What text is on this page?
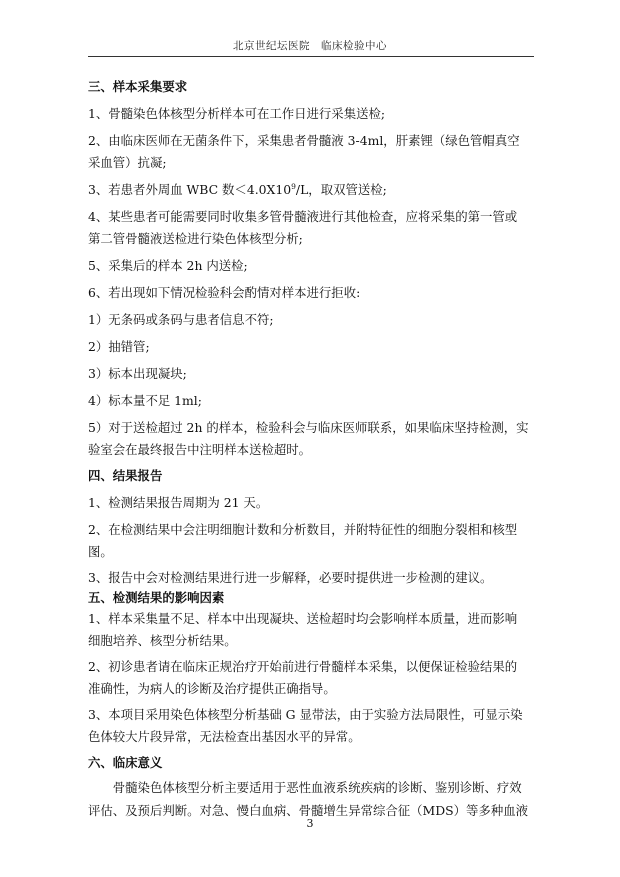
北京世纪坛医院　临床检验中心

三、样本采集要求

1、骨髓染色体核型分析样本可在工作日进行采集送检;

2、由临床医师在无菌条件下，采集患者骨髓液 3-4ml，肝素锂（绿色管帽真空

采血管）抗凝;

3、若患者外周血 WBC 数$<4.0X10^9/L$，取双管送检;

4、某些患者可能需要同时收集多管骨髓液进行其他检查，应将采集的第一管或

第二管骨髓液送检进行染色体核型分析;

5、采集后的样本 2h 内送检;

6、若出现如下情况检验科会酌情对样本进行拒收:

1）无条码或条码与患者信息不符;

2）抽错管;

3）标本出现凝块;

4）标本量不足 1ml;

5）对于送检超过 2h 的样本，检验科会与临床医师联系，如果临床坚持检测，实

验室会在最终报告中注明样本送检超时。

四、结果报告

1、检测结果报告周期为 21 天。

2、在检测结果中会注明细胞计数和分析数目，并附特征性的细胞分裂相和核型

图。

3、报告中会对检测结果进行进一步解释，必要时提供进一步检测的建议。

五、检测结果的影响因素

1、样本采集量不足、样本中出现凝块、送检超时均会影响样本质量，进而影响

细胞培养、核型分析结果。

2、初诊患者请在临床正规治疗开始前进行骨髓样本采集，以便保证检验结果的

准确性，为病人的诊断及治疗提供正确指导。

3、本项目采用染色体核型分析基础 G 显带法，由于实验方法局限性，可显示染

色体较大片段异常，无法检查出基因水平的异常。

六、临床意义

　　骨髓染色体核型分析主要适用于恶性血液系统疾病的诊断、鉴别诊断、疗效

评估、及预后判断。对急、慢白血病、骨髓增生异常综合征（MDS）等多种血液

3
